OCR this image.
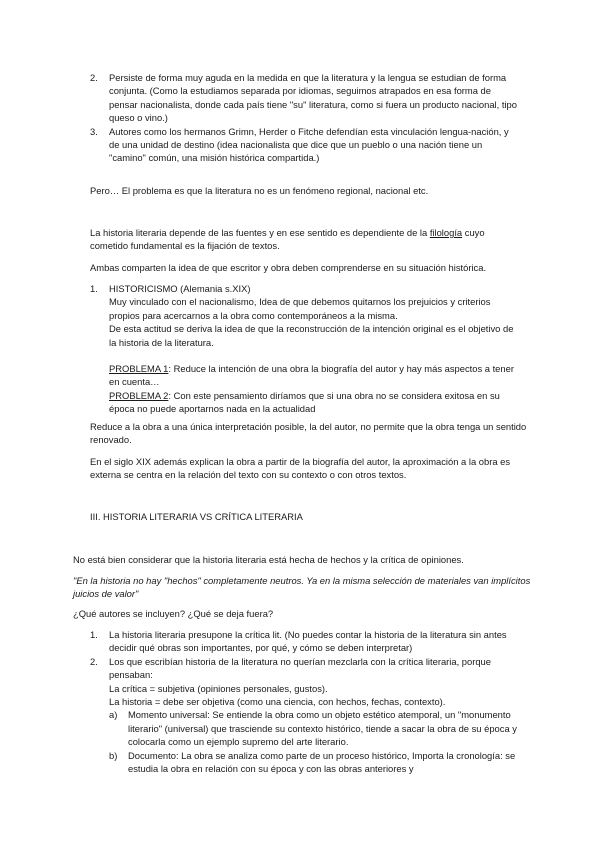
2. Persiste de forma muy aguda en la medida en que la literatura y la lengua se estudian de forma conjunta. (Como la estudiamos separada por idiomas, seguimos atrapados en esa forma de pensar nacionalista, donde cada país tiene "su" literatura, como si fuera un producto nacional, tipo queso o vino.)
3. Autores como los hermanos Grimn, Herder o Fitche defendían esta vinculación lengua-nación, y de una unidad de destino (idea nacionalista que dice que un pueblo o una nación tiene un "camino" común, una misión histórica compartida.)
Pero… El problema es que la literatura no es un fenómeno regional, nacional etc.
La historia literaria depende de las fuentes y en ese sentido es dependiente de la filología cuyo cometido fundamental es la fijación de textos.
Ambas comparten la idea de que escritor y obra deben comprenderse en su situación histórica.
1. HISTORICISMO (Alemania s.XIX)
Muy vinculado con el nacionalismo, Idea de que debemos quitarnos los prejuicios y criterios propios para acercarnos a la obra como contemporáneos a la misma.
De esta actitud se deriva la idea de que la reconstrucción de la intención original es el objetivo de la historia de la literatura.
PROBLEMA 1: Reduce la intención de una obra la biografía del autor y hay más aspectos a tener en cuenta…
PROBLEMA 2: Con este pensamiento diríamos que si una obra no se considera exitosa en su época no puede aportarnos nada en la actualidad
Reduce a la obra a una única interpretación posible, la del autor, no permite que la obra tenga un sentido renovado.
En el siglo XIX además explican la obra a partir de la biografía del autor, la aproximación a la obra es externa se centra en la relación del texto con su contexto o con otros textos.
III. HISTORIA LITERARIA VS CRÍTICA LITERARIA
No está bien considerar que la historia literaria está hecha de hechos y la crítica de opiniones.
"En la historia no hay "hechos" completamente neutros. Ya en la misma selección de materiales van implícitos juicios de valor"
¿Qué autores se incluyen? ¿Qué se deja fuera?
1. La historia literaria presupone la crítica lit. (No puedes contar la historia de la literatura sin antes decidir qué obras son importantes, por qué, y cómo se deben interpretar)
2. Los que escribían historia de la literatura no querían mezclarla con la crítica literaria, porque pensaban:
La crítica = subjetiva (opiniones personales, gustos).
La historia = debe ser objetiva (como una ciencia, con hechos, fechas, contexto).
a) Momento universal: Se entiende la obra como un objeto estético atemporal, un "monumento literario" (universal) que trasciende su contexto histórico, tiende a sacar la obra de su época y colocarla como un ejemplo supremo del arte literario.
b) Documento: La obra se analiza como parte de un proceso histórico, Importa la cronología: se estudia la obra en relación con su época y con las obras anteriores y
